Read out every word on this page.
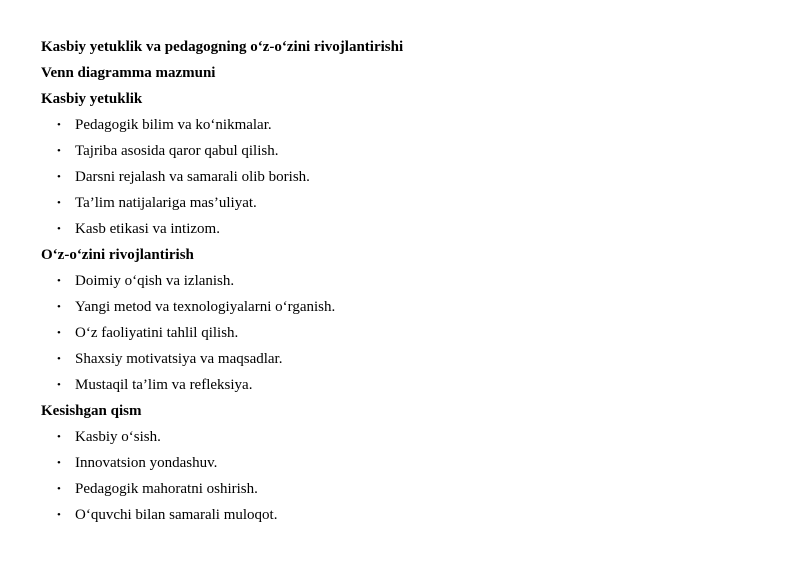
Kasbiy yetuklik va pedagogning o‘z-o‘zini rivojlantirishi
Venn diagramma mazmuni
Kasbiy yetuklik
• Pedagogik bilim va ko‘nikmalar.
• Tajriba asosida qaror qabul qilish.
• Darsni rejalash va samarali olib borish.
• Ta’lim natijalariga mas’uliyat.
• Kasb etikasi va intizom.
O‘z-o‘zini rivojlantirish
• Doimiy o‘qish va izlanish.
• Yangi metod va texnologiyalarni o‘rganish.
• O‘z faoliyatini tahlil qilish.
• Shaxsiy motivatsiya va maqsadlar.
• Mustaqil ta’lim va refleksiya.
Kesishgan qism
• Kasbiy o‘sish.
• Innovatsion yondashuv.
• Pedagogik mahoratni oshirish.
• O‘quvchi bilan samarali muloqot.
